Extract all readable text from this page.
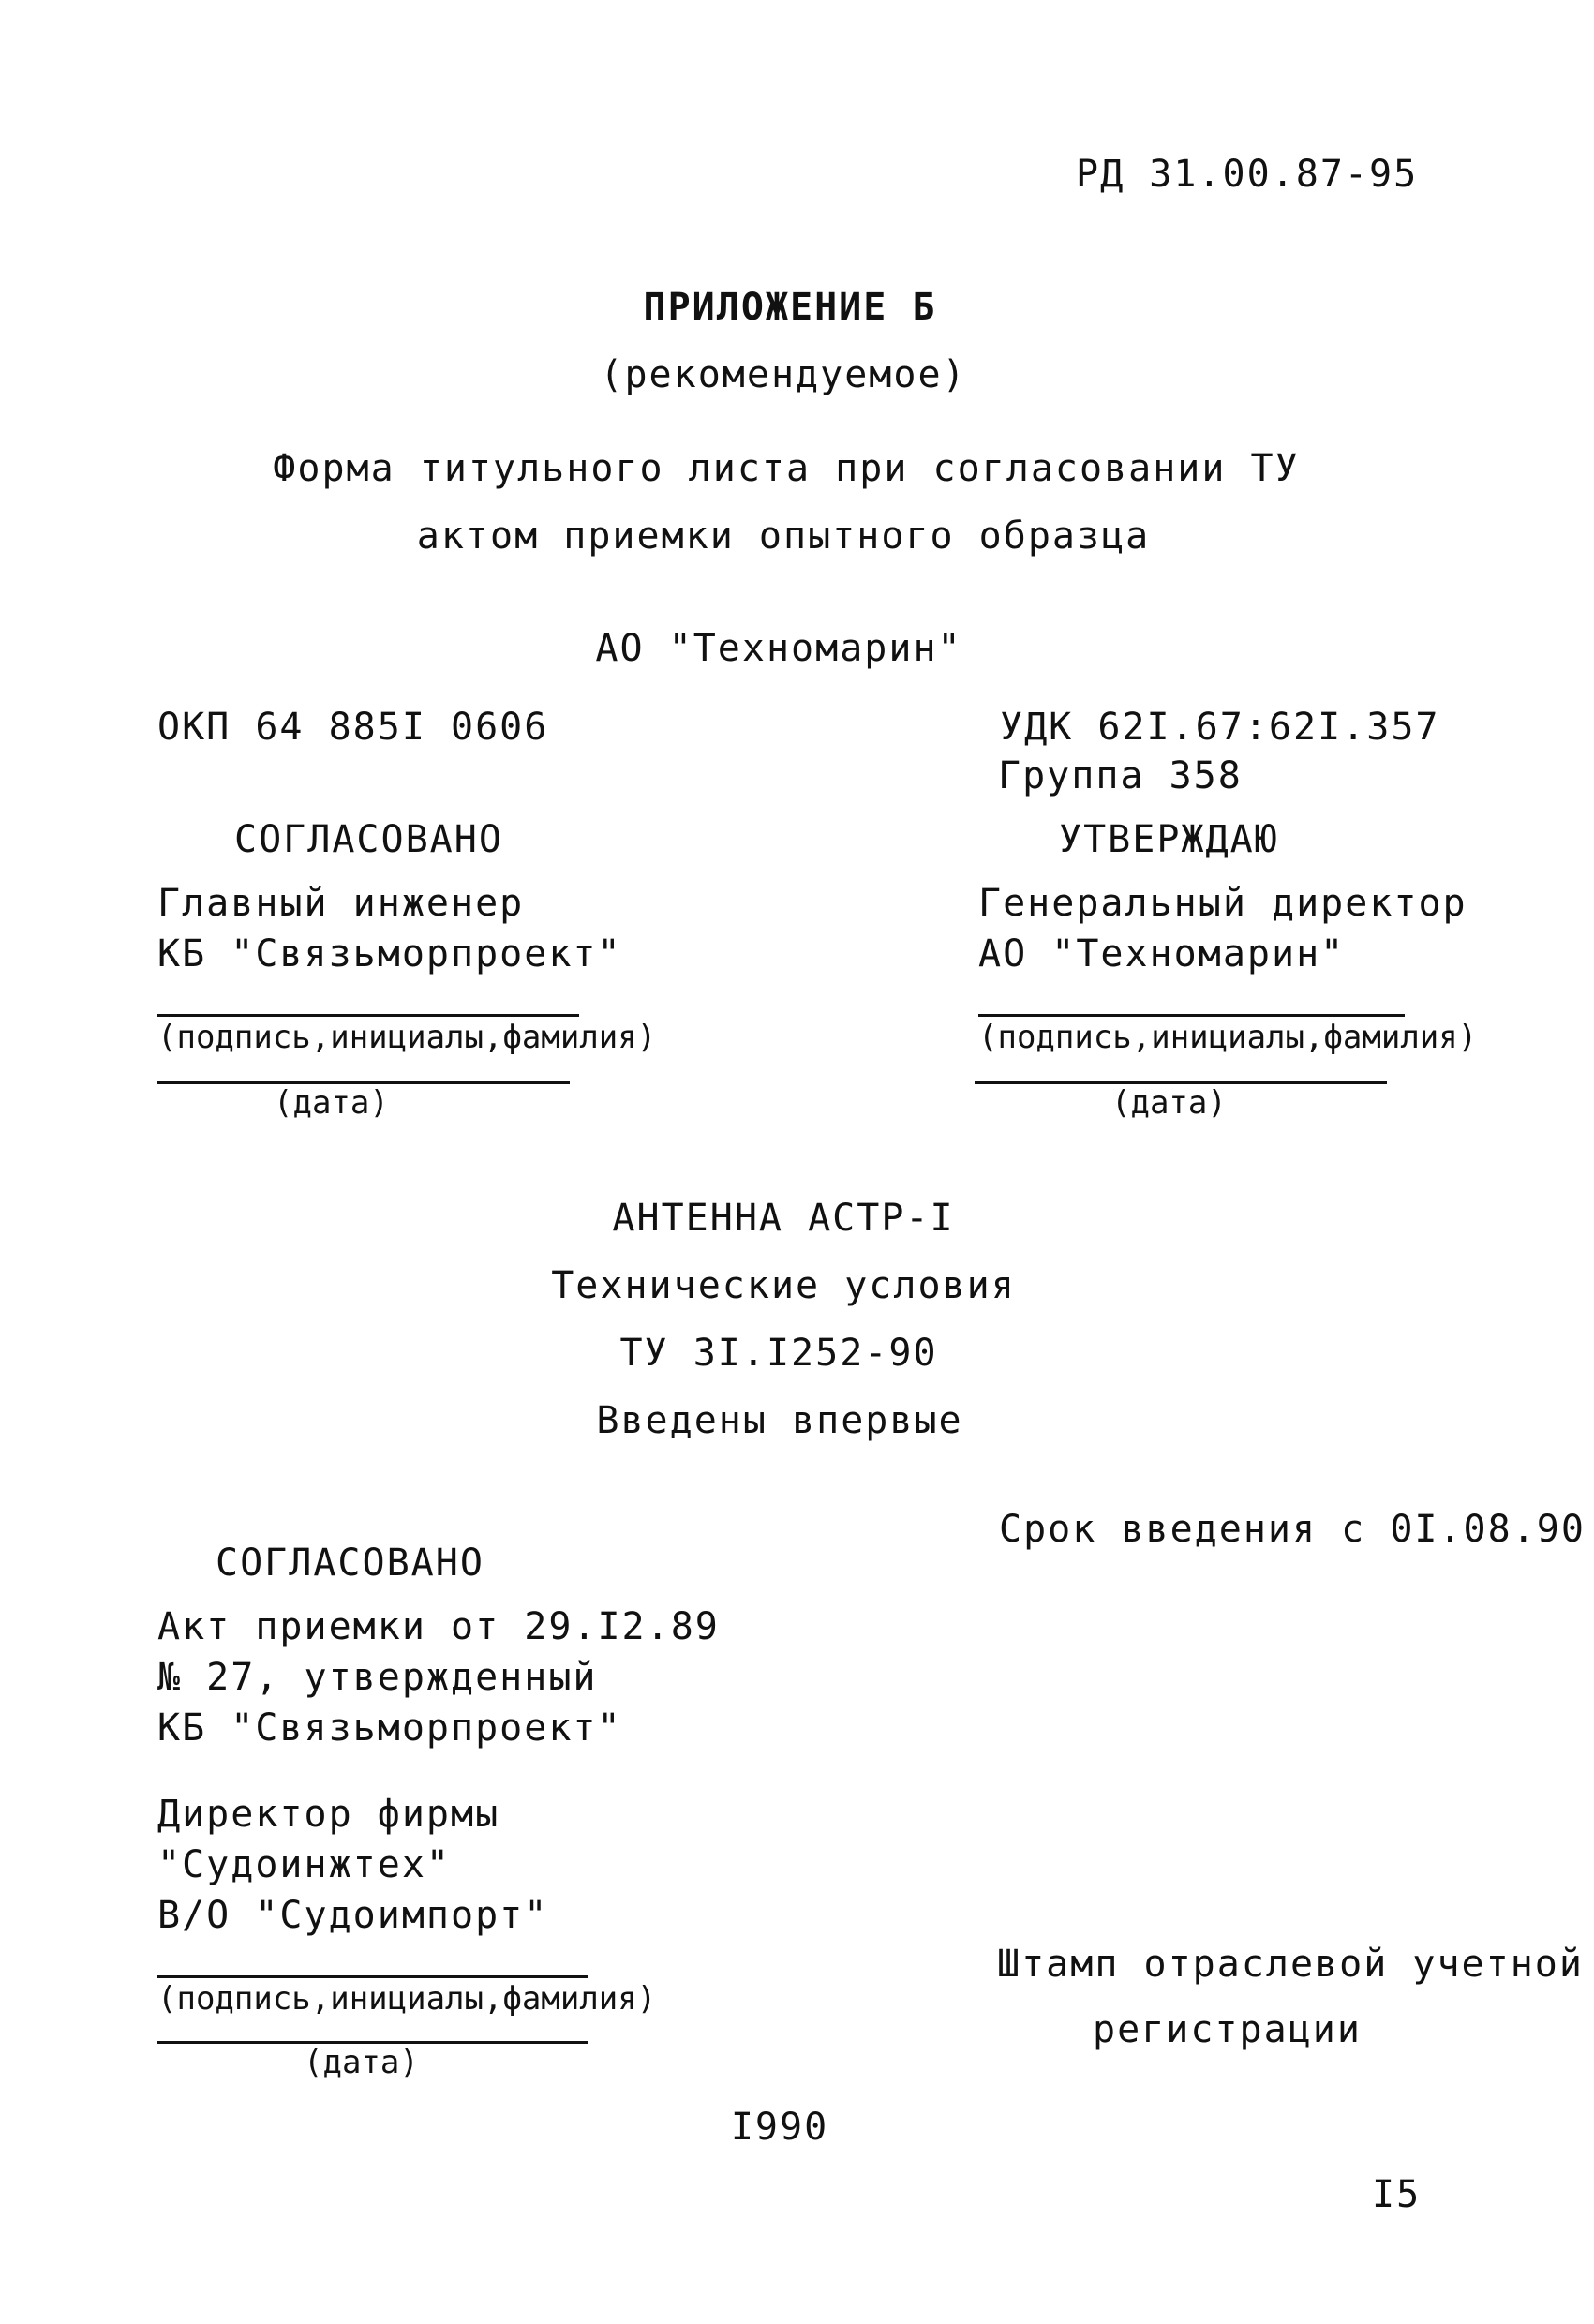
РД 31.00.87-95
ПРИЛОЖЕНИЕ Б
(рекомендуемое)
Форма титульного листа при согласовании ТУ
актом приемки опытного образца
АО "Техномарин"
ОКП 64 885I 0606	УДК 62I.67:62I.357
Группа 358
СОГЛАСОВАНО
Главный инженер
КБ "Связьморпроект"
(подпись,инициалы,фамилия)
(дата)
УТВЕРЖДАЮ
Генеральный директор
АО "Техномарин"
(подпись,инициалы,фамилия)
(дата)
АНТЕННА АСТР-I
Технические условия
ТУ 3I.I252-90
Введены впервые
Срок введения с 0I.08.90
СОГЛАСОВАНО
Акт приемки от 29.I2.89
№ 27, утвержденный
КБ "Связьморпроект"
Директор фирмы
"Судоинжтех"
В/О "Судоимпорт"
(подпись,инициалы,фамилия)
(дата)
Штамп отраслевой учетной
регистрации
I990
I5
